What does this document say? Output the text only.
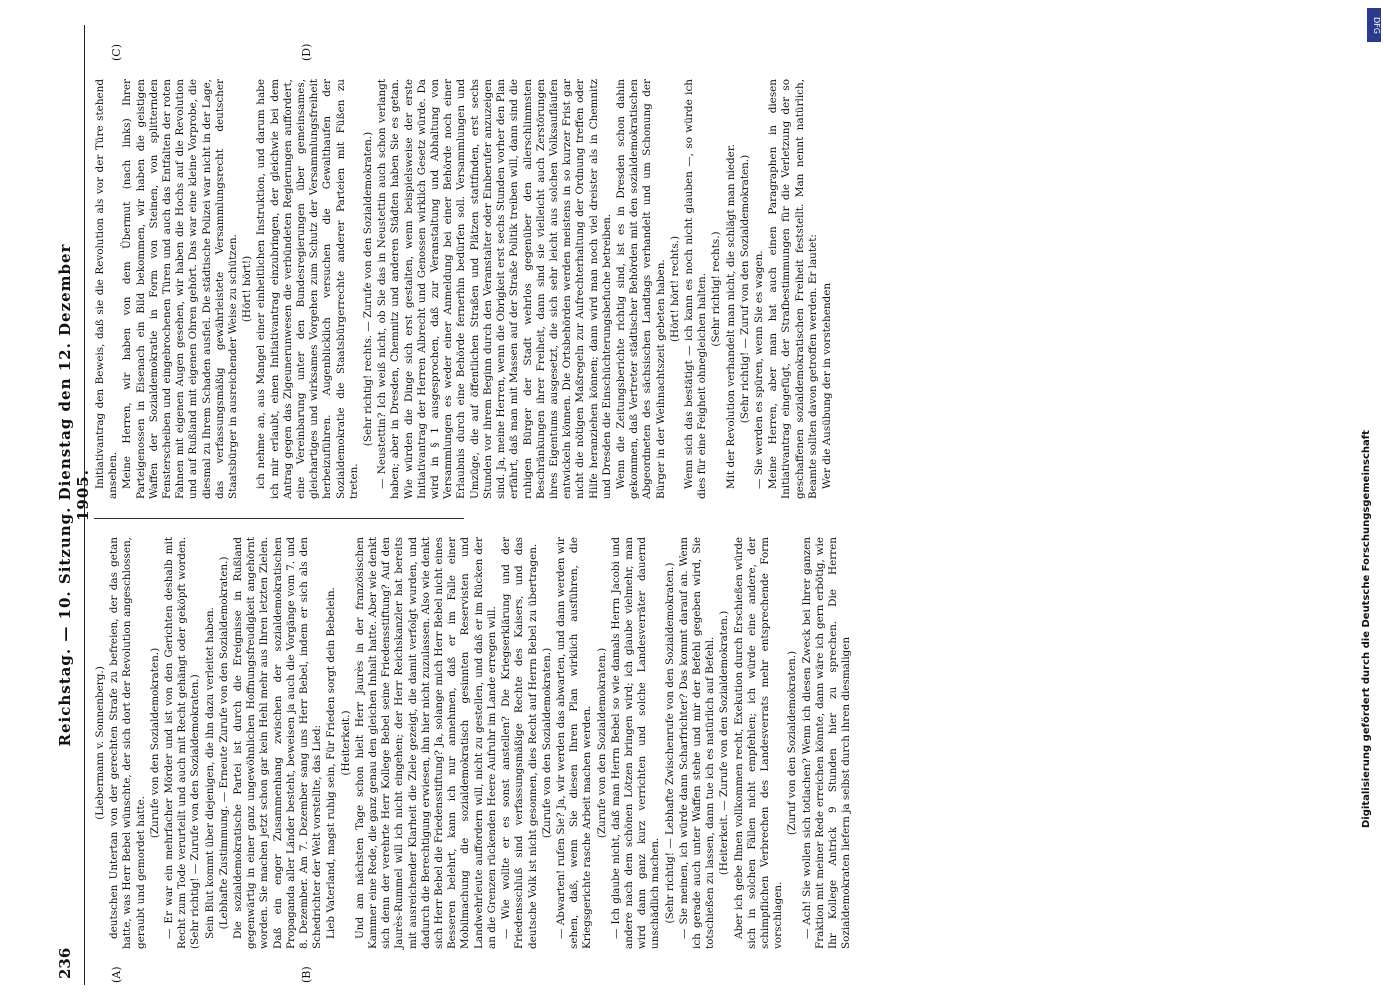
236
Reichstag. — 10. Sitzung. Dienstag den 12. Dezember 1905.
(A)	(B)
(C)	(D)

(Liebermann v. Sonnenberg.) deutschen Untertan von der gerechten Strafe zu befreien, der das getan hatte, was Herr Bebel wünschte, der sich dort der Revolution angeschlossen, geraubt und gemordet hatte.

(Zurufe von den Sozialdemokraten.) — Er war ein mehrfacher Mörder und ist von den Gerichten deshalb mit Recht zum Tode verurteilt und auch mit Recht gehängt oder geköpft worden. (Sehr richtig! — Zurufe von den Sozialdemokraten.) Sein Blut kommt über diejenigen, die ihn dazu verleitet haben. (Lebhafte Zustimmung. — Erneute Zurufe von den Sozialdemokraten.) Die sozialdemokratische Partei ist durch die Ereignisse in Rußland gegenwärtig in einer ganz ungewöhnlichen Hoffnungsfreudigkeit angehörnt worden. Sie machen jetzt schon gar kein Hehl mehr aus Ihren letzten Zielen. Daß ein enger Zusammenhang zwischen der sozialdemokratischen Propaganda aller Länder besteht, beweisen ja auch die Vorgänge vom 7. und 8. Dezember. Am 7. Dezember sang uns Herr Bebel, indem er sich als den Schedrichter der Welt vorstellte, das Lied: Lieb Vaterland, magst ruhig sein, Für Frieden sorgt dein Bebelein. (Heiterkeit.) Und am nächsten Tage schon hielt Herr Jaurès in der französischen Kammer eine Rede, die ganz genau den gleichen Inhalt hatte. Aber wie denkt sich denn der verehrte Herr Kollege Bebel seine Friedensstiftung? Auf den Jaurès-Rummel will ich nicht eingehen; der Herr Reichskanzler hat bereits mit ausreichender Klarheit die Ziele gezeigt, die damit verfolgt wurden, und dadurch die Berechtigung erwiesen, ihn hier nicht zuzulassen. Also wie denkt sich Herr Bebel die Friedensstiftung? Ja, solange mich Herr Bebel nicht eines Besseren belehrt, kann ich nur annehmen, daß er im Falle einer Mobilmachung die sozialdemokratisch gesinnten Reservisten und Landwehrleute auffordern will, nicht zu gestellen, und daß er im Rücken der an die Grenzen rückenden Heere Aufruhr im Lande erregen will. — Wie wollte er es sonst anstellen? Die Kriegserklärung und der Friedensschluß sind verfassungsmäßige Rechte des Kaisers, und das deutsche Volk ist nicht gesonnen, dies Recht auf Herrn Bebel zu übertragen. (Zurufe von den Sozialdemokraten.) — Abwarten! rufen Sie? Ja, wir werden das abwarten, und dann werden wir sehen, daß, wenn Sie diesen Ihren Plan wirklich ausführen, die Kriegsgerichte rasche Arbeit machen werden. (Zurufe von den Sozialdemokraten.) — Ich glaube nicht, daß man Herrn Bebel so wie damals Herrn Jacobi und andere nach dem schönen Lötzen bringen wird; ich glaube vielmehr, man wird dann ganz kurz verrichten und solche Landesverräter dauernd unschädlich machen. (Sehr richtig! — Lebhafte Zwischenrufe von den Sozialdemokraten.) — Sie meinen, ich würde dann Scharfrichter? Das kommt darauf an. Wenn ich gerade auch unter Waffen stehe und mir der Befehl gegeben wird, Sie totschießen zu lassen, dann tue ich es natürlich auf Befehl. (Heiterkeit. — Zurufe von den Sozialdemokraten.) Aber ich gebe Ihnen vollkommen recht, Exekution durch Erschießen würde sich in solchen Fällen nicht empfehlen; ich würde eine andere, der schimpflichen Verbrechen des Landesverrats mehr entsprechende Form vorschlagen.

(Zuruf von den Sozialdemokraten.) — Ach! Sie wollen sich totlachen? Wenn ich diesen Zweck bei Ihrer ganzen Fraktion mit meiner Rede erreichen könnte, dann wäre ich gern erbötig, wie Ihr Kollege Antrick 9 Stunden hier zu sprechen. Die Herren Sozialdemokraten liefern ja selbst durch ihren diesmaligen

Initiativantrag den Beweis, daß sie die Revolution als vor der Türe stehend ansehen. Meine Herren, wir haben von dem Übermut (nach links) Ihrer Parteigenossen in Eisenach ein Bild bekommen, wir haben die geistigen Waffen der Sozialdemokratie in Form von Steinen, von splitternden Fensterscheiben und eingebrochenen Türen und auch das Entfalten der roten Fahnen mit eigenen Augen gesehen, wir haben die Hochs auf die Revolution und auf Rußland mit eigenen Ohren gehört. Das war eine kleine Vorprobe, die diesmal zu Ihrem Schaden ausfiel. Die städtische Polizei war nicht in der Lage, das verfassungsmäßig gewährleistete Versammlungsrecht deutscher Staatsbürger in ausreichender Weise zu schützen. (Hört! hört!) ich nehme an, aus Mangel einer einheitlichen Instruktion, und darum habe ich mir erlaubt, einen Initiativantrag einzubringen, der gleichwie bei dem Antrag gegen das Zigeunerunwesen die verbündeten Regierungen auffordert, eine Vereinbarung unter den Bundesregierungen über gemeinsames, gleichartiges und wirksames Vorgehen zum Schutz der Versammlungsfreiheit herbeizuführen. Augenblicklich versuchen die Gewalthaufen der Sozialdemokratie die Staatsbürgerrechte anderer Parteien mit Füßen zu treten.

(Sehr richtig! rechts. — Zurufe von den Sozialdemokraten.) — Neustettin? Ich weiß nicht, ob Sie das in Neustettin auch schon verlangt haben; aber in Dresden, Chemnitz und anderen Städten haben Sie es getan. Wie würden die Dinge sich erst gestalten, wenn beispielsweise der erste Initiativantrag der Herren Albrecht und Genossen wirklich Gesetz würde. Da wird in § 1 ausgesprochen, daß zur Veranstaltung und Abhaltung von Versammlungen es weder einer Anmeldung bei einer Behörde noch einer Erlaubnis durch eine Behörde fernerhin bedürfen soll. Versammlungen und Umzüge, die auf öffentlichen Straßen und Plätzen stattfinden, erst sechs Stunden vor ihrem Beginn durch den Veranstalter oder Einberufer anzuzeigen sind. Ja, meine Herren, wenn die Obrigkeit erst sechs Stunden vorher den Plan erfährt, daß man mit Massen auf der Straße Politik treiben will, dann sind die ruhigen Bürger der Stadt wehrlos gegenüber den allerschlimmsten Beschränkungen ihrer Freiheit, dann sind sie vielleicht auch Zerstörungen ihres Eigentums ausgesetzt, die sich sehr leicht aus solchen Volksaufläufen entwickeln können. Die Ortsbehörden werden meistens in so kurzer Frist gar nicht die nötigen Maßregeln zur Aufrechterhaltung der Ordnung treffen oder Hilfe heranziehen können; dann wird man noch viel dreister als in Chemnitz und Dresden die Einschüchterungsbefuche betreiben. Wenn die Zeitungsberichte richtig sind, ist es in Dresden schon dahin gekommen, daß Vertreter städtischer Behörden mit den sozialdemokratischen Abgeordneten des sächsischen Landtags verhandelt und um Schonung der Bürger in der Weihnachtszeit gebeten haben. (Hört! hört! rechts.) Wenn sich das bestätigt — ich kann es noch nicht glauben —, so würde ich dies für eine Feigheit ohnegleichen halten. (Sehr richtig! rechts.) Mit der Revolution verhandelt man nicht, die schlägt man nieder. (Sehr richtig! — Zuruf von den Sozialdemokraten.) — Sie werden es spüren, wenn Sie es wagen. Meine Herren, aber man hat auch einen Paragraphen in diesen Initiativantrag eingefügt, der Strafbestimmungen für die Verletzung der so geschaffenen sozialdemokratischen Freiheit feststellt. Man nennt natürlich, Beamte sollten davon getroffen werden. Er lautet: Wer die Ausübung der in vorstehenden

DFG
Digitalisierung gefördert durch die Deutsche Forschungsgemeinschaft
